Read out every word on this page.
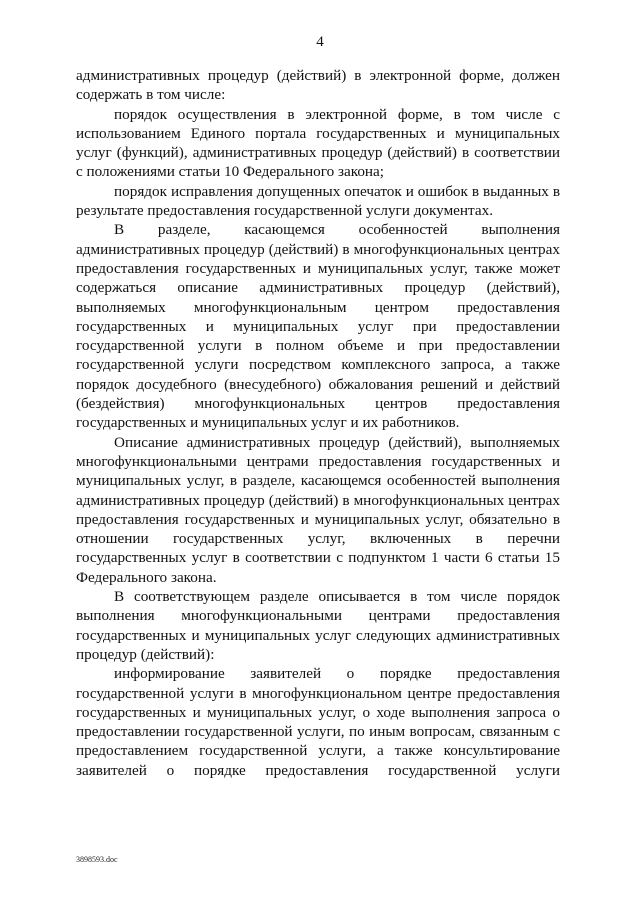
4

административных процедур (действий) в электронной форме, должен содержать в том числе:

порядок осуществления в электронной форме, в том числе с использованием Единого портала государственных и муниципальных услуг (функций), административных процедур (действий) в соответствии с положениями статьи 10 Федерального закона;

порядок исправления допущенных опечаток и ошибок в выданных в результате предоставления государственной услуги документах.

В разделе, касающемся особенностей выполнения административных процедур (действий) в многофункциональных центрах предоставления государственных и муниципальных услуг, также может содержаться описание административных процедур (действий), выполняемых многофункциональным центром предоставления государственных и муниципальных услуг при предоставлении государственной услуги в полном объеме и при предоставлении государственной услуги посредством комплексного запроса, а также порядок досудебного (внесудебного) обжалования решений и действий (бездействия) многофункциональных центров предоставления государственных и муниципальных услуг и их работников.

Описание административных процедур (действий), выполняемых многофункциональными центрами предоставления государственных и муниципальных услуг, в разделе, касающемся особенностей выполнения административных процедур (действий) в многофункциональных центрах предоставления государственных и муниципальных услуг, обязательно в отношении государственных услуг, включенных в перечни государственных услуг в соответствии с подпунктом 1 части 6 статьи 15 Федерального закона.

В соответствующем разделе описывается в том числе порядок выполнения многофункциональными центрами предоставления государственных и муниципальных услуг следующих административных процедур (действий):

информирование заявителей о порядке предоставления государственной услуги в многофункциональном центре предоставления государственных и муниципальных услуг, о ходе выполнения запроса о предоставлении государственной услуги, по иным вопросам, связанным с предоставлением государственной услуги, а также консультирование заявителей о порядке предоставления государственной услуги

3898593.doc
